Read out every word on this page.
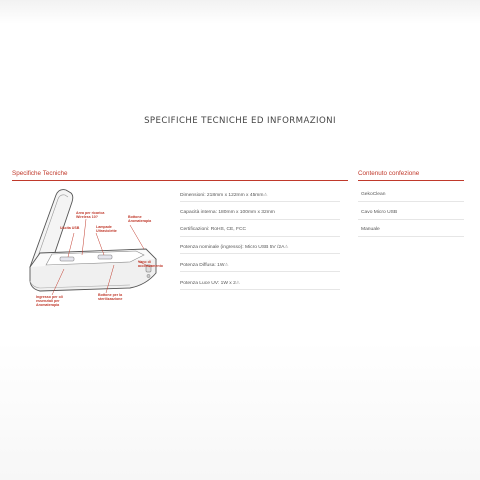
SPECIFICHE TECNICHE ED INFORMAZIONI
Specifiche Tecniche
Area per ricarica Wireless 10?
Uscita USB	Lampade Ultraviolette
Bottone Aromaterapia
Vano di accensamento
Ingresso per oli essenziali per Aromaterapia
Bottone per la sterilizzazione
Dimensioni: 218mm x 122mm x 45mm⚠
Capacità interna: 180mm x 100mm x 32mm
Certificazioni: RoHS, CE, FCC
Potenza nominale (ingresso): Micro USB 5V /2A⚠
Potenza Diffusa: 1W⚠
Potenza Luce UV: 1W x 2⚠
Contenuto confezione
GekoClean
Cavo Micro USB
Manuale
